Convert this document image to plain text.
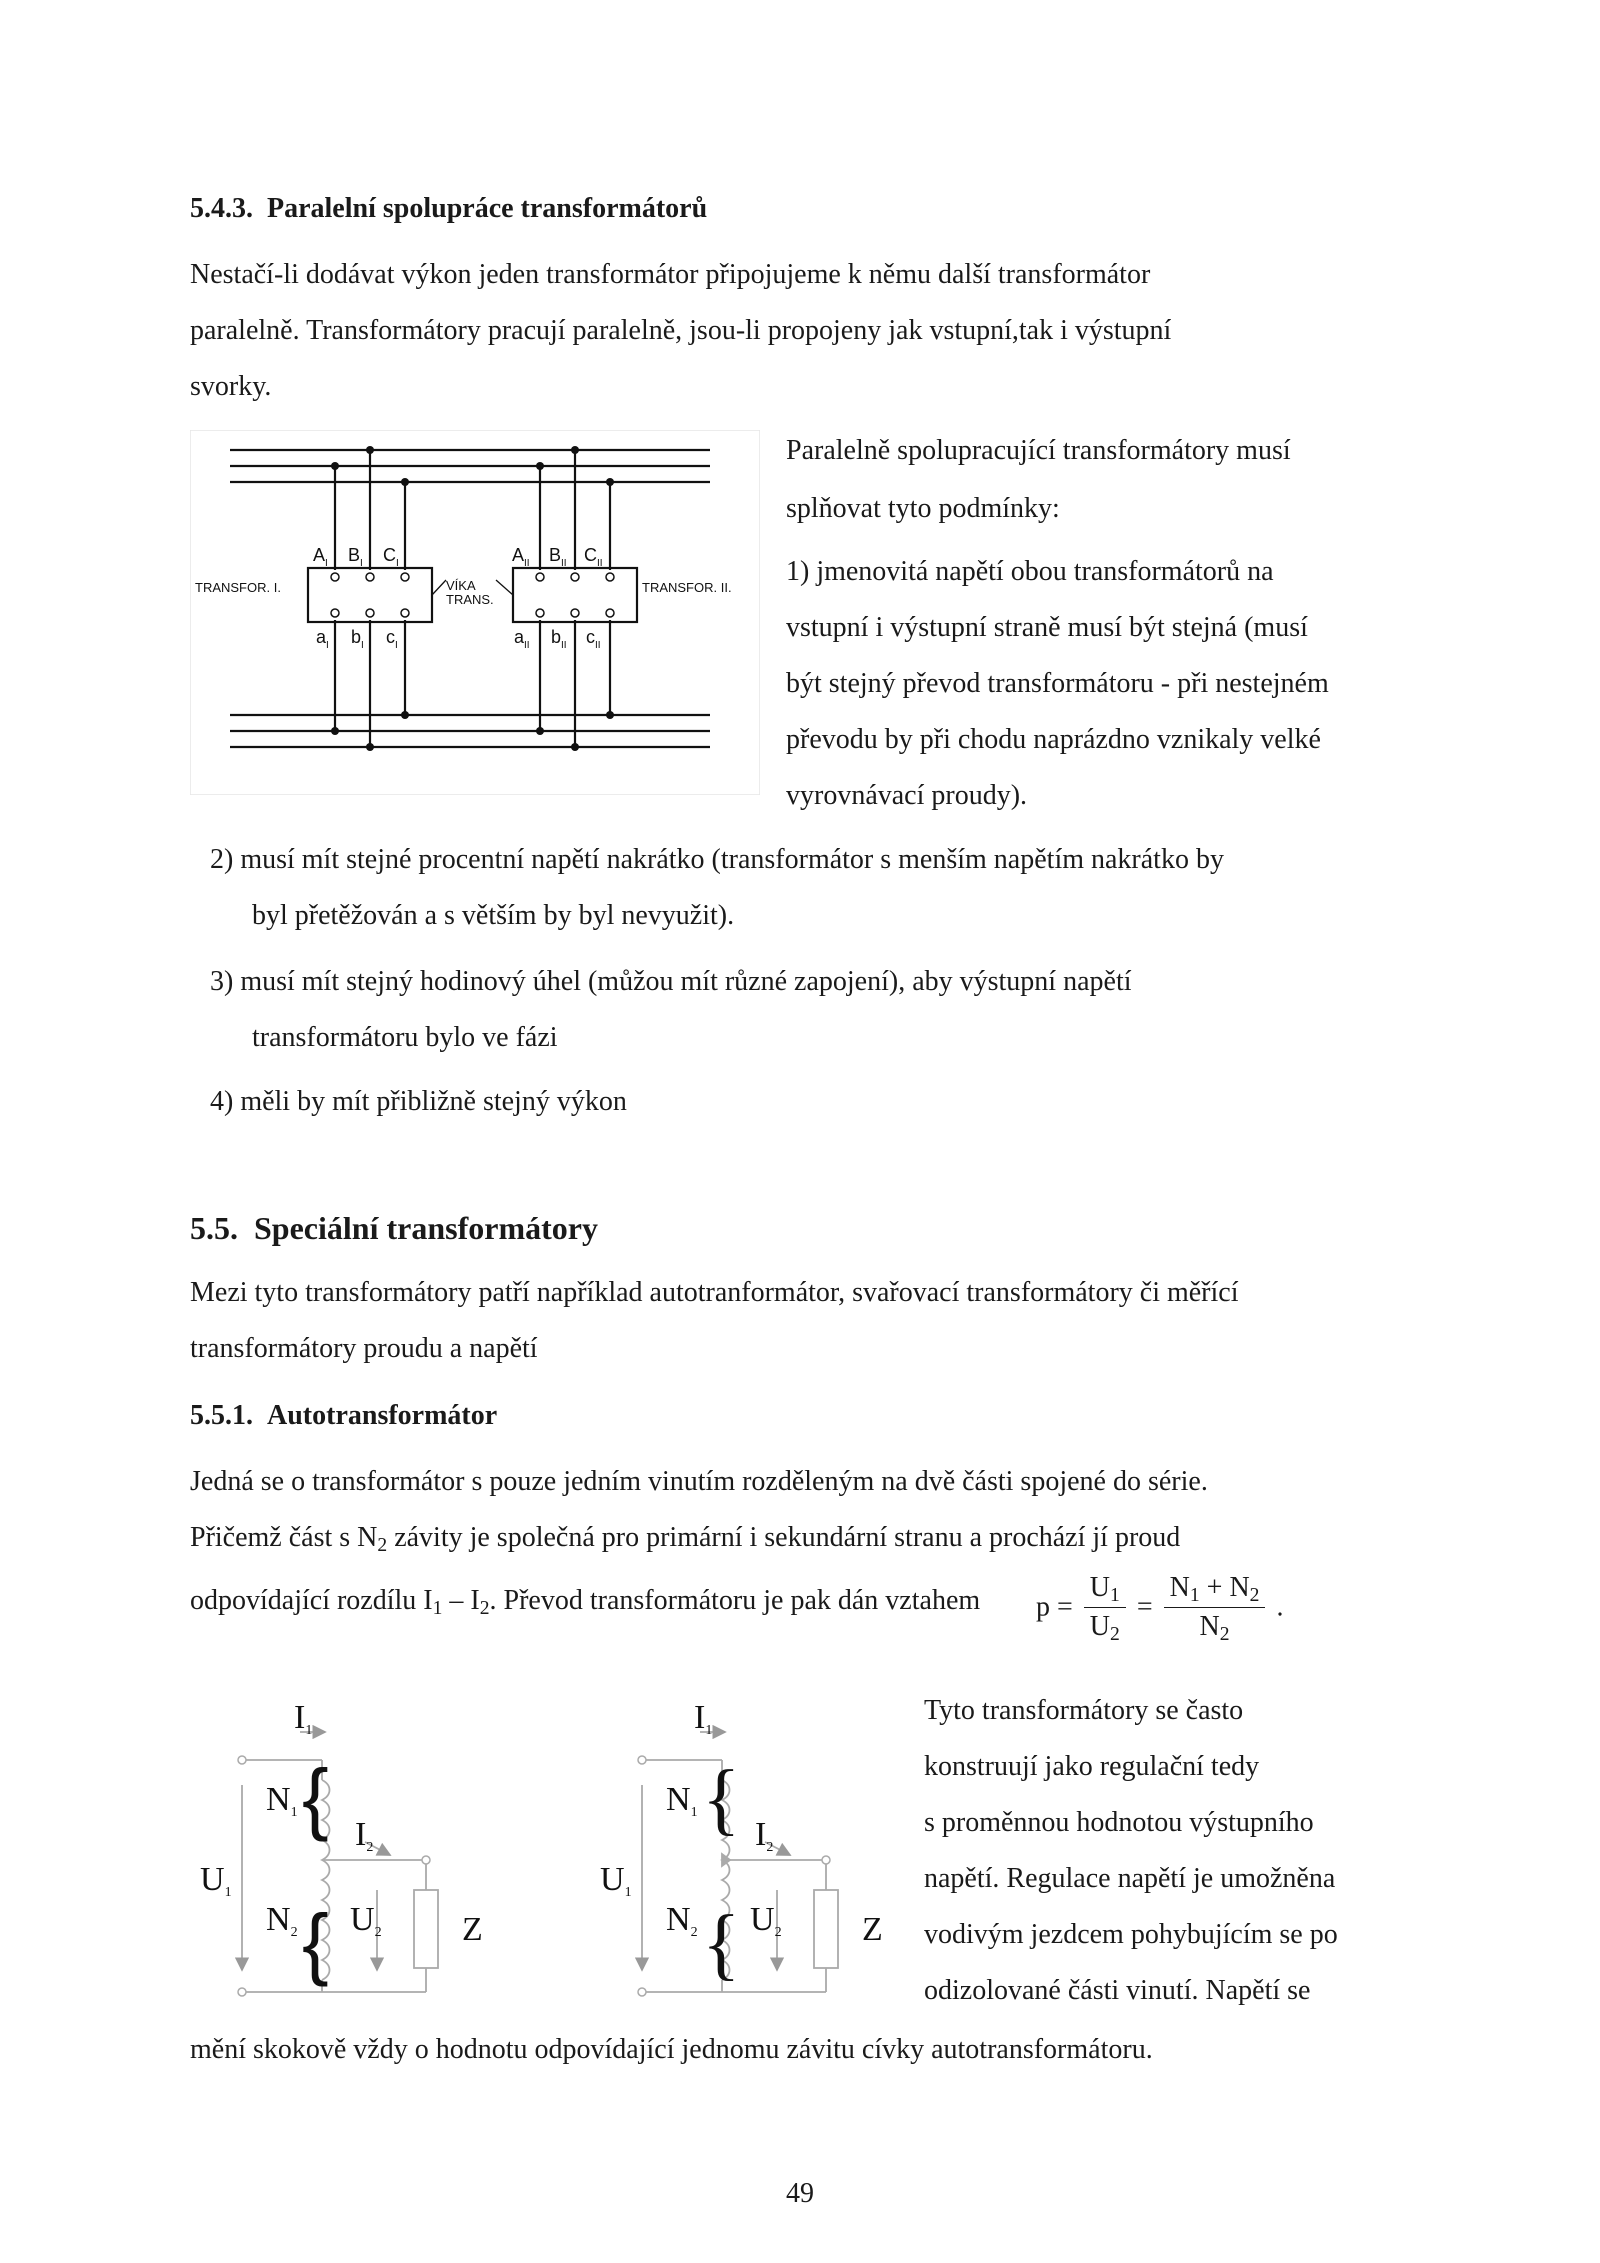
5.4.3. Paralelní spolupráce transformátorů
Nestačí-li dodávat výkon jeden transformátor připojujeme k němu další transformátor
paralelně. Transformátory pracují paralelně, jsou-li propojeny jak vstupní,tak i výstupní
svorky.
TRANSFOR. I.	TRANSFOR. II.
VÍKA
TRANS.
$A_I$ $B_I$ $C_I$	$A_{II}$ $B_{II}$ $C_{II}$
$a_I$ $b_I$ $c_I$	$a_{II}$ $b_{II}$ $c_{II}$
Paralelně spolupracující transformátory musí
splňovat tyto podmínky:
1) jmenovitá napětí obou transformátorů na
vstupní i výstupní straně musí být stejná (musí
být stejný převod transformátoru - při nestejném
převodu by při chodu naprázdno vznikaly velké
vyrovnávací proudy).
2) musí mít stejné procentní napětí nakrátko (transformátor s menším napětím nakrátko by
byl přetěžován a s větším by byl nevyužit).
3) musí mít stejný hodinový úhel (můžou mít různé zapojení), aby výstupní napětí
transformátoru bylo ve fázi
4) měli by mít přibližně stejný výkon
5.5. Speciální transformátory
Mezi tyto transformátory patří například autotranformátor, svařovací transformátory či měřící
transformátory proudu a napětí
5.5.1. Autotransformátor
Jedná se o transformátor s pouze jedním vinutím rozděleným na dvě části spojené do série.
Přičemž část s $N_2$ závity je společná pro primární i sekundární stranu a prochází jí proud
odpovídající rozdílu $I_1 - I_2$. Převod transformátoru je pak dán vztahem $p = \frac{U_1}{U_2} = \frac{N_1 + N_2}{N_2}$ .
I1
N1
N2
I2
U1
U2 Z
{
{
I1
N1
N2
I2
U1
U2 Z
{
{
Tyto transformátory se často
konstruují jako regulační tedy
s proměnnou hodnotou výstupního
napětí. Regulace napětí je umožněna
vodivým jezdcem pohybujícím se po
odizolované části vinutí. Napětí se
mění skokově vždy o hodnotu odpovídající jednomu závitu cívky autotransformátoru.
49
